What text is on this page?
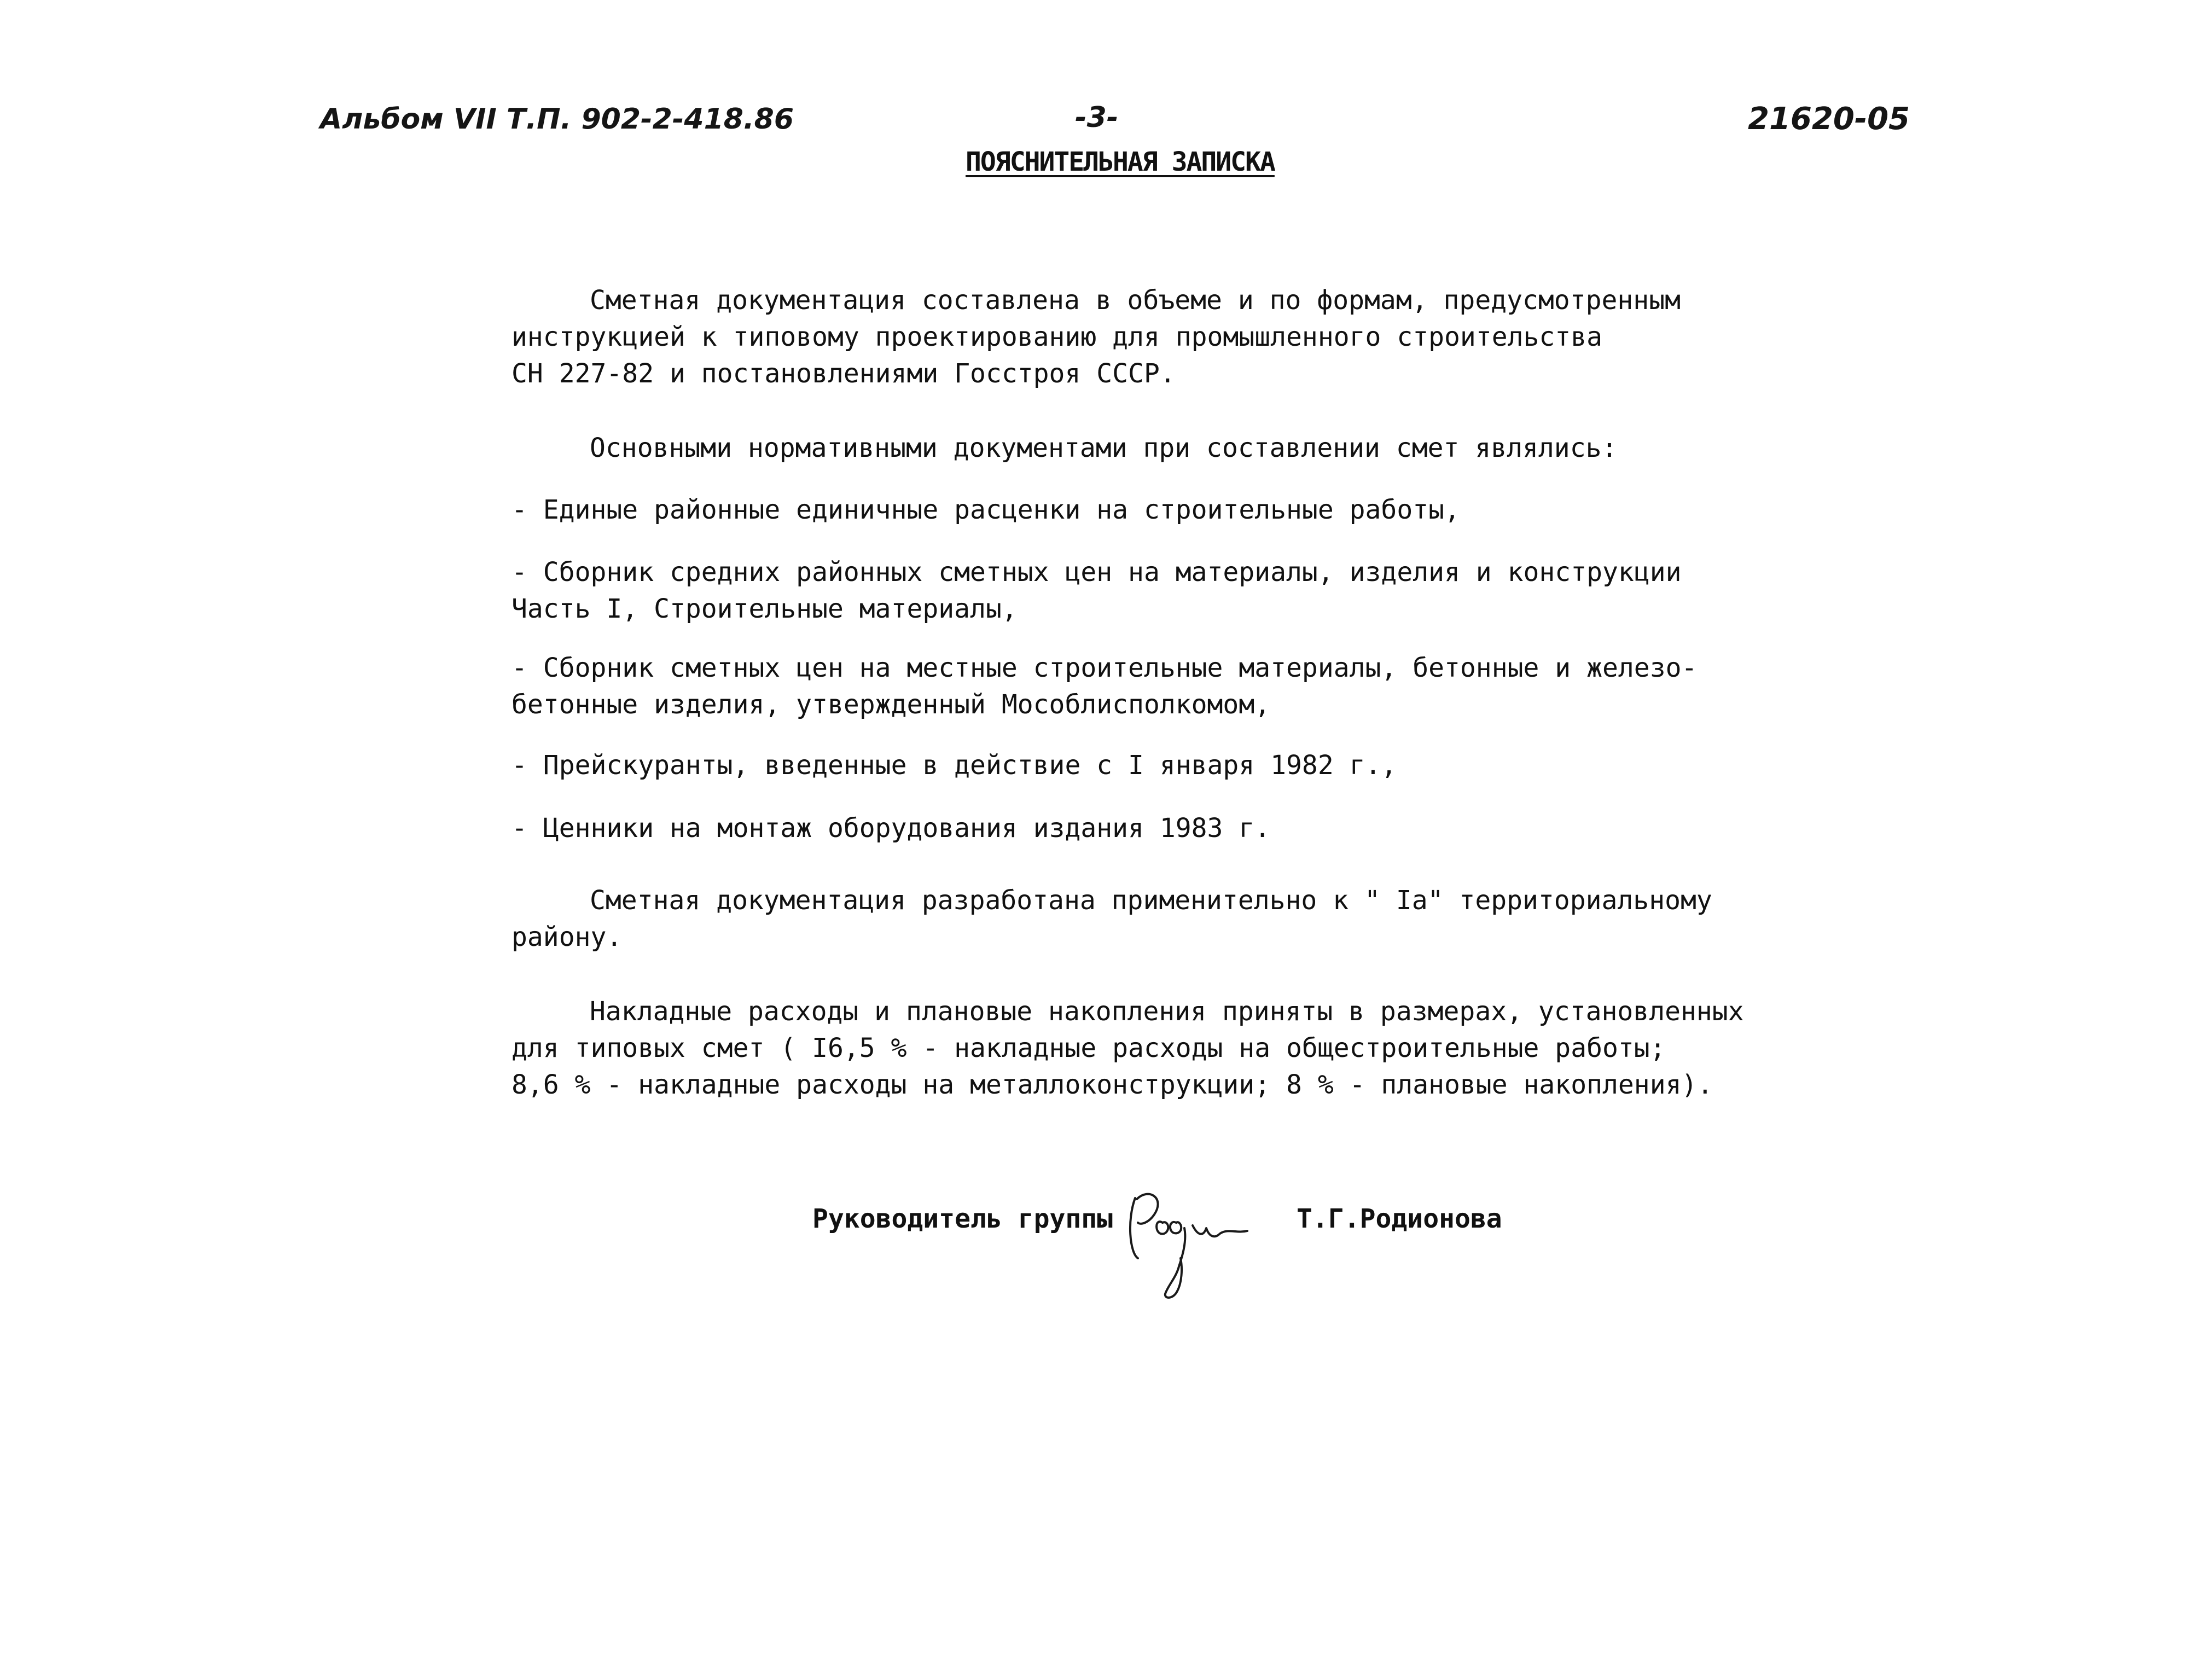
Альбом VII Т.П. 902-2-418.86	-3-	21620-05
ПОЯСНИТЕЛЬНАЯ ЗАПИСКА
Сметная документация составлена в объеме и по формам, предусмотренным
инструкцией к типовому проектированию для промышленного строительства
СН 227-82 и постановлениями Госстроя СССР.
Основными нормативными документами при составлении смет являлись:
- Единые районные единичные расценки на строительные работы,
- Сборник средних районных сметных цен на материалы, изделия и конструкции
Часть I, Строительные материалы,
- Сборник сметных цен на местные строительные материалы, бетонные и железо-
бетонные изделия, утвержденный Мособлисполкомом,
- Прейскуранты, введенные в действие с I января 1982 г.,
- Ценники на монтаж оборудования издания 1983 г.
Сметная документация разработана применительно к " Iа" территориальному
району.
Накладные расходы и плановые накопления приняты в размерах, установленных
для типовых смет ( I6,5 % - накладные расходы на общестроительные работы;
8,6 % - накладные расходы на металлоконструкции; 8 % - плановые накопления).
Руководитель группы	Т.Г.Родионова
